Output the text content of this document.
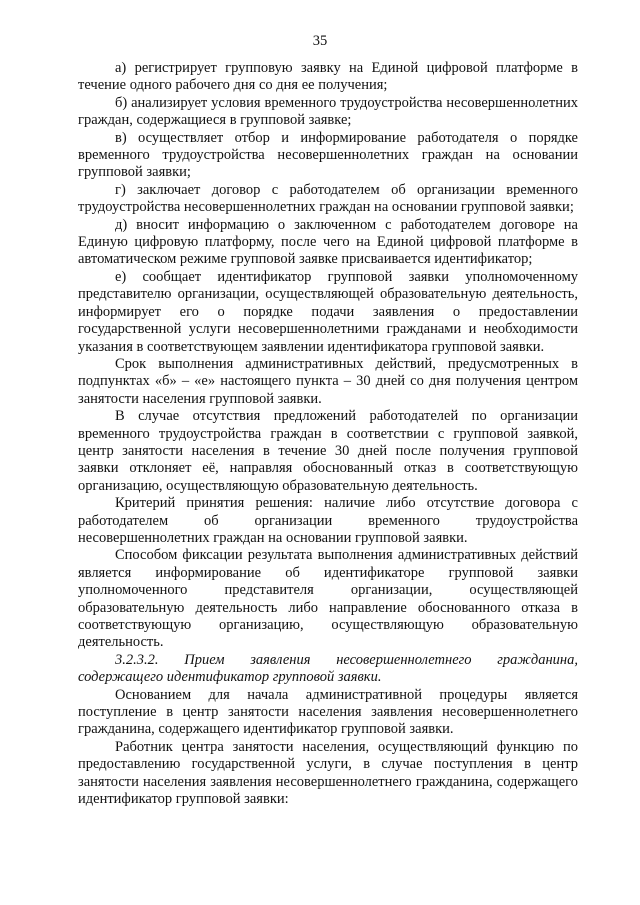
35

а) регистрирует групповую заявку на Единой цифровой платформе в течение одного рабочего дня со дня ее получения;

б) анализирует условия временного трудоустройства несовершеннолетних граждан, содержащиеся в групповой заявке;

в) осуществляет отбор и информирование работодателя о порядке временного трудоустройства несовершеннолетних граждан на основании групповой заявки;

г) заключает договор с работодателем об организации временного трудоустройства несовершеннолетних граждан на основании групповой заявки;

д) вносит информацию о заключенном с работодателем договоре на Единую цифровую платформу, после чего на Единой цифровой платформе в автоматическом режиме групповой заявке присваивается идентификатор;

е) сообщает идентификатор групповой заявки уполномоченному представителю организации, осуществляющей образовательную деятельность, информирует его о порядке подачи заявления о предоставлении государственной услуги несовершеннолетними гражданами и необходимости указания в соответствующем заявлении идентификатора групповой заявки.

Срок выполнения административных действий, предусмотренных в подпунктах «б» – «е» настоящего пункта – 30 дней со дня получения центром занятости населения групповой заявки.

В случае отсутствия предложений работодателей по организации временного трудоустройства граждан в соответствии с групповой заявкой, центр занятости населения в течение 30 дней после получения групповой заявки отклоняет её, направляя обоснованный отказ в соответствующую организацию, осуществляющую образовательную деятельность.

Критерий принятия решения: наличие либо отсутствие договора с работодателем об организации временного трудоустройства несовершеннолетних граждан на основании групповой заявки.

Способом фиксации результата выполнения административных действий является информирование об идентификаторе групповой заявки уполномоченного представителя организации, осуществляющей образовательную деятельность либо направление обоснованного отказа в соответствующую организацию, осуществляющую образовательную деятельность.

3.2.3.2. Прием заявления несовершеннолетнего гражданина, содержащего идентификатор групповой заявки.

Основанием для начала административной процедуры является поступление в центр занятости населения заявления несовершеннолетнего гражданина, содержащего идентификатор групповой заявки.

Работник центра занятости населения, осуществляющий функцию по предоставлению государственной услуги, в случае поступления в центр занятости населения заявления несовершеннолетнего гражданина, содержащего идентификатор групповой заявки:
